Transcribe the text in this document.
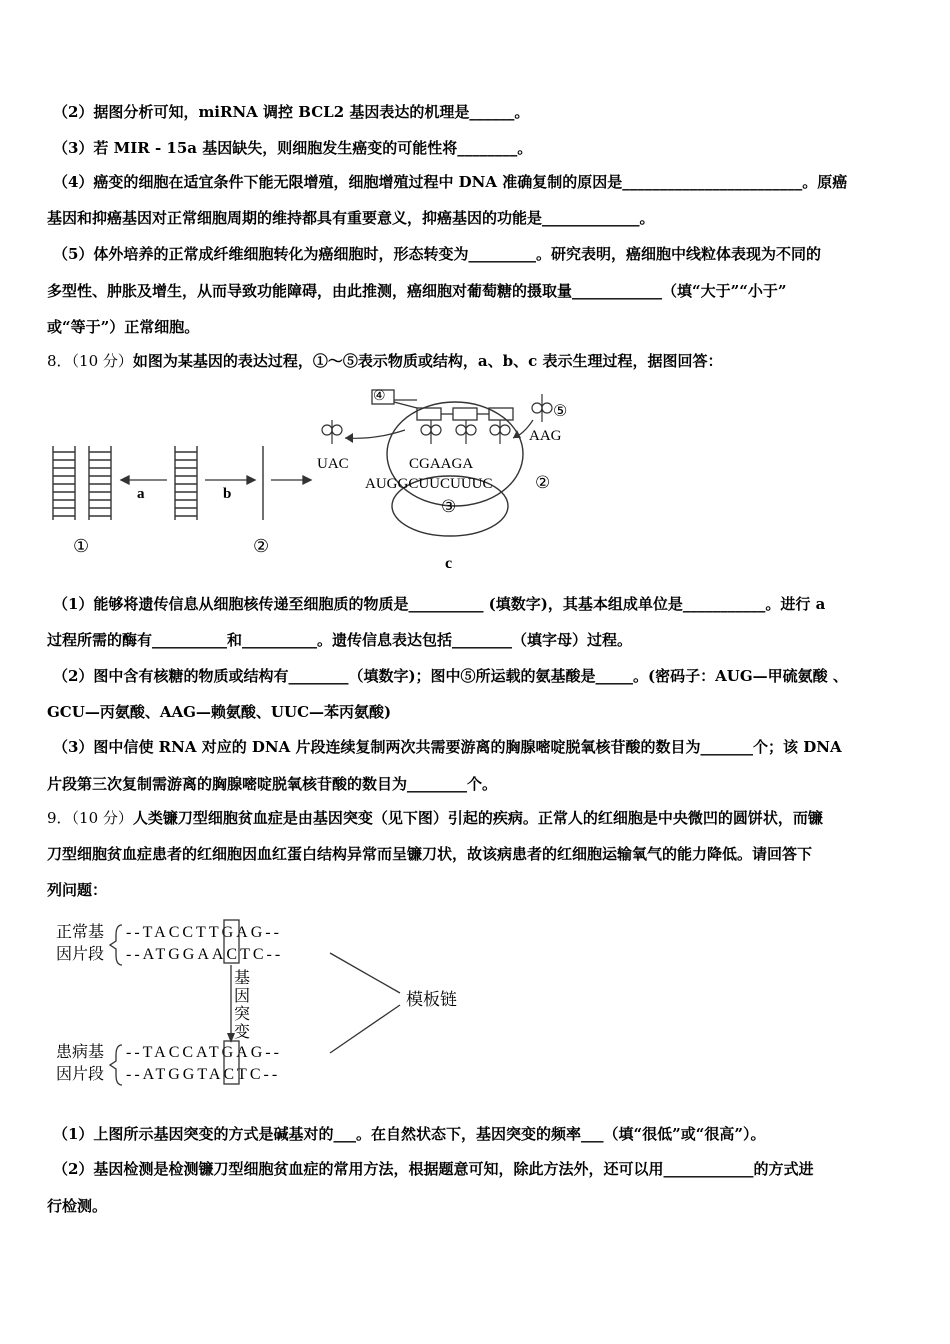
（2）据图分析可知，miRNA 调控 BCL2 基因表达的机理是______。
（3）若 MIR - 15a 基因缺失，则细胞发生癌变的可能性将________。
（4）癌变的细胞在适宜条件下能无限增殖，细胞增殖过程中 DNA 准确复制的原因是________________________。原癌
基因和抑癌基因对正常细胞周期的维持都具有重要意义，抑癌基因的功能是_____________。
（5）体外培养的正常成纤维细胞转化为癌细胞时，形态转变为_________。研究表明，癌细胞中线粒体表现为不同的
多型性、肿胀及增生，从而导致功能障碍，由此推测，癌细胞对葡萄糖的摄取量____________（填“大于”“小于”
或“等于”）正常细胞。
8．（10 分）如图为某基因的表达过程，①～⑤表示物质或结构，a、b、c 表示生理过程，据图回答：
a	b
①	②
③
c
④
⑤
UAC
AAG
CGAAGA
AUGGCUUCUUUC ②
（1）能够将遗传信息从细胞核传递至细胞质的物质是__________ (填数字)，其基本组成单位是___________。进行 a
过程所需的酶有__________和__________。遗传信息表达包括________（填字母）过程。
（2）图中含有核糖的物质或结构有________（填数字)；图中⑤所运载的氨基酸是_____。(密码子：AUG—甲硫氨酸 、
GCU—丙氨酸、AAG—赖氨酸、UUC—苯丙氨酸)
（3）图中信使 RNA 对应的 DNA 片段连续复制两次共需要游离的胸腺嘧啶脱氧核苷酸的数目为_______个；该 DNA
片段第三次复制需游离的胸腺嘧啶脱氧核苷酸的数目为________个。
9．（10 分）人类镰刀型细胞贫血症是由基因突变（见下图）引起的疾病。正常人的红细胞是中央微凹的圆饼状，而镰
刀型细胞贫血症患者的红细胞因血红蛋白结构异常而呈镰刀状，故该病患者的红细胞运输氧气的能力降低。请回答下
列问题：
正常基
因片段
--TACCTTGAG--
--ATGGAACTC--
基
因
突
变
患病基
因片段
--TACCATGAG--
--ATGGTACTC--
模板链
（1）上图所示基因突变的方式是碱基对的___。在自然状态下，基因突变的频率___（填“很低”或“很高”）。
（2）基因检测是检测镰刀型细胞贫血症的常用方法，根据题意可知，除此方法外，还可以用____________的方式进
行检测。
